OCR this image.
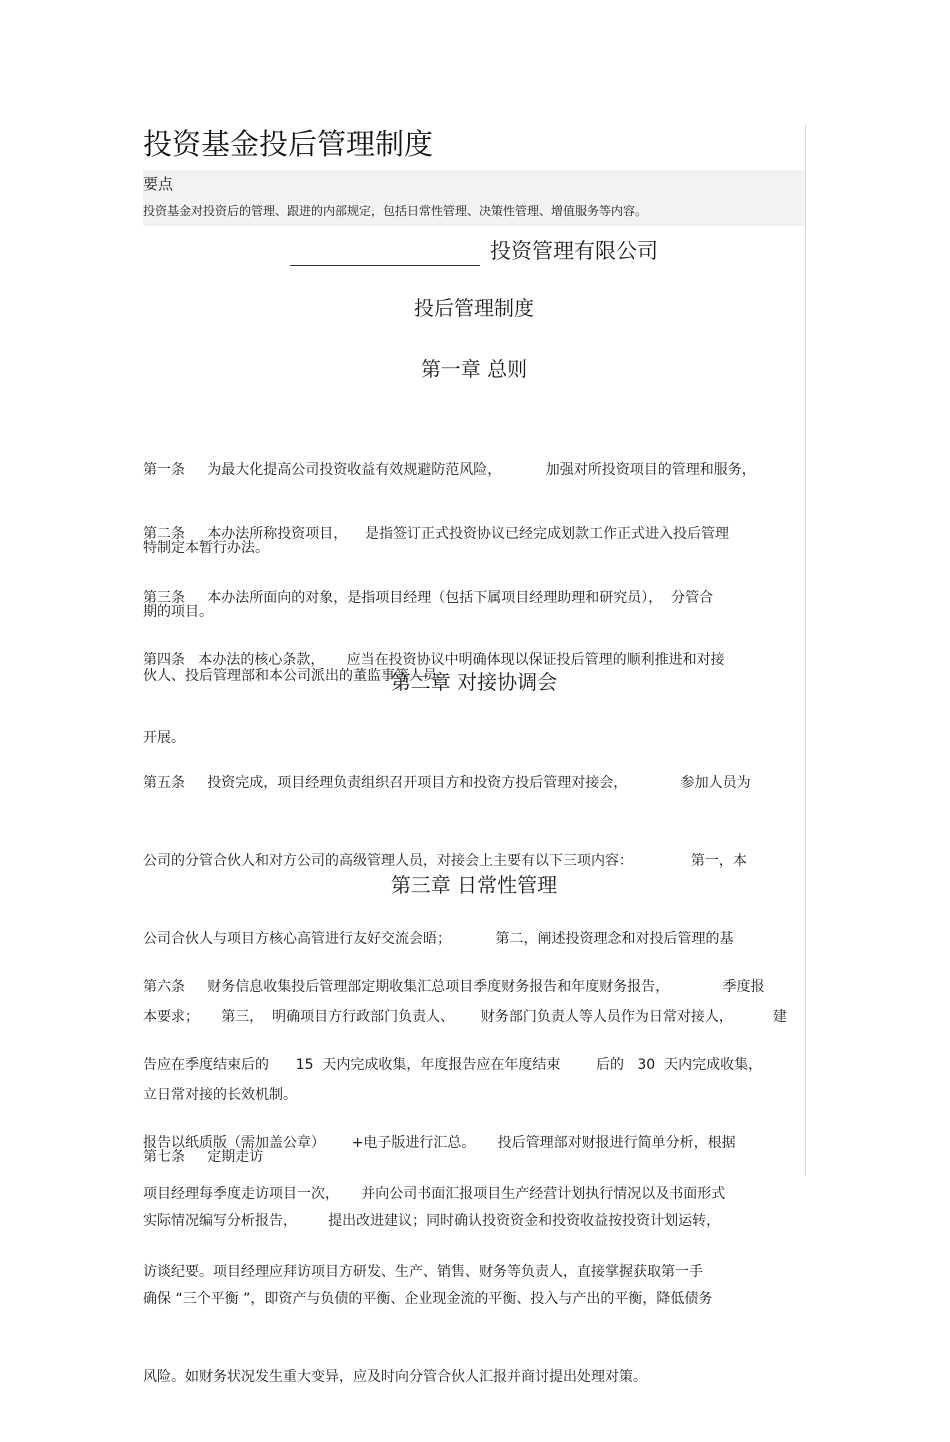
投资基金投后管理制度
要点
投资基金对投资后的管理、跟进的内部规定，包括日常性管理、决策性管理、增值服务等内容。
投资管理有限公司
投后管理制度
第一章 总则

第一条     为最大化提高公司投资收益有效规避防范风险，          加强对所投资项目的管理和服务，

特制定本暂行办法。

第二条     本办法所称投资项目，    是指签订正式投资协议已经完成划款工作正式进入投后管理

期的项目。

第三条     本办法所面向的对象，是指项目经理（包括下属项目经理助理和研究员），  分管合

伙人、投后管理部和本公司派出的董监事等人员。

第四条   本办法的核心条款，     应当在投资协议中明确体现以保证投后管理的顺利推进和对接

开展。

第二章 对接协调会

第五条     投资完成，项目经理负责组织召开项目方和投资方投后管理对接会，            参加人员为

公司的分管合伙人和对方公司的高级管理人员，对接会上主要有以下三项内容：             第一，本

公司合伙人与项目方核心高管进行友好交流会晤；          第二，阐述投资理念和对投后管理的基

本要求；     第三，  明确项目方行政部门负责人、      财务部门负责人等人员作为日常对接人，         建

立日常对接的长效机制。

第三章 日常性管理

第六条     财务信息收集投后管理部定期收集汇总项目季度财务报告和年度财务报告，            季度报

告应在季度结束后的      15  天内完成收集，年度报告应在年度结束        后的   30  天内完成收集，

报告以纸质版（需加盖公章）      +电子版进行汇总。     投后管理部对财报进行简单分析，根据

实际情况编写分析报告，       提出改进建议；同时确认投资资金和投资收益按投资计划运转，

确保 “三个平衡 ”，即资产与负债的平衡、企业现金流的平衡、投入与产出的平衡，降低债务

风险。如财务状况发生重大变异，应及时向分管合伙人汇报并商讨提出处理对策。

第七条     定期走访

项目经理每季度走访项目一次，     并向公司书面汇报项目生产经营计划执行情况以及书面形式

访谈纪要。项目经理应拜访项目方研发、生产、销售、财务等负责人，直接掌握获取第一手
